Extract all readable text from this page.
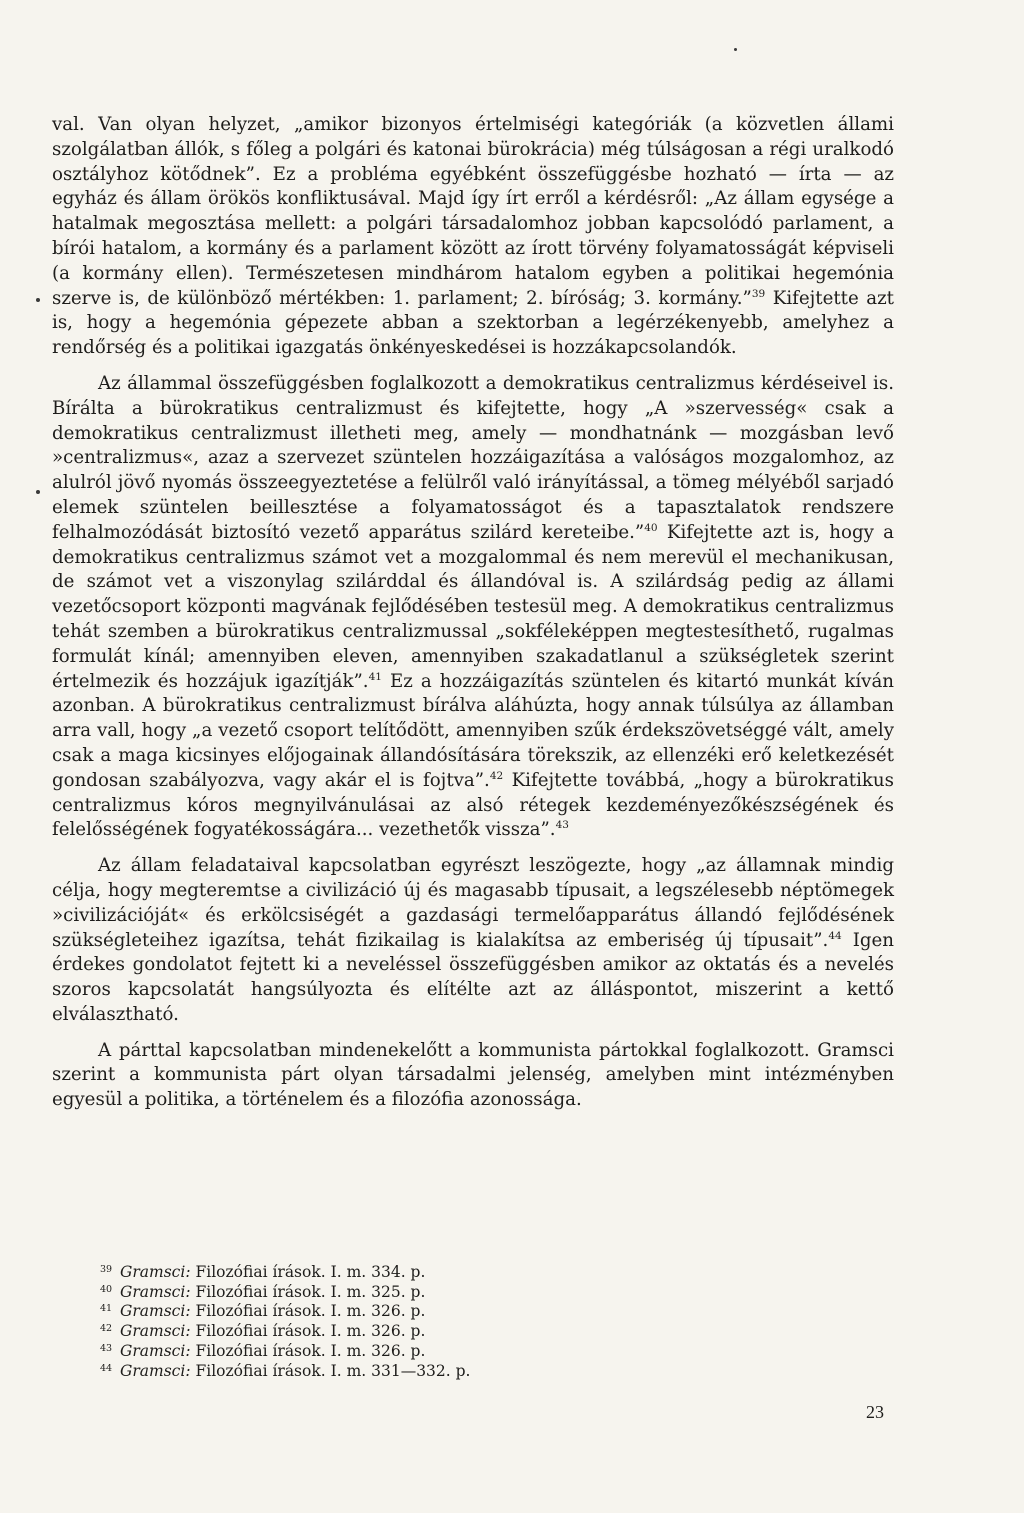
val. Van olyan helyzet, „amikor bizonyos értelmiségi kategóriák (a közvetlen állami szolgálatban állók, s főleg a polgári és katonai bürokrácia) még túlságosan a régi uralkodó osztályhoz kötődnek”. Ez a probléma egyébként összefüggésbe hozható — írta — az egyház és állam örökös konfliktusával. Majd így írt erről a kérdésről: „Az állam egysége a hatalmak megosztása mellett: a polgári társadalomhoz jobban kapcsolódó parlament, a bírói hatalom, a kormány és a parlament között az írott törvény folyamatosságát képviseli (a kormány ellen). Természetesen mindhárom hatalom egyben a politikai hegemónia szerve is, de különböző mértékben: 1. parlament; 2. bíróság; 3. kormány.”$^{39}$ Kifejtette azt is, hogy a hegemónia gépezete abban a szektorban a legérzékenyebb, amelyhez a rendőrség és a politikai igazgatás önkényeskedései is hozzákapcsolandók.

Az állammal összefüggésben foglalkozott a demokratikus centralizmus kérdéseivel is. Bírálta a bürokratikus centralizmust és kifejtette, hogy „A »szervesség« csak a demokratikus centralizmust illetheti meg, amely — mondhatnánk — mozgásban levő »centralizmus«, azaz a szervezet szüntelen hozzáigazítása a valóságos mozgalomhoz, az alulról jövő nyomás összeegyeztetése a felülről való irányítással, a tömeg mélyéből sarjadó elemek szüntelen beillesztése a folyamatosságot és a tapasztalatok rendszere felhalmozódását biztosító vezető apparátus szilárd kereteibe.”$^{40}$ Kifejtette azt is, hogy a demokratikus centralizmus számot vet a mozgalommal és nem merevül el mechanikusan, de számot vet a viszonylag szilárddal és állandóval is. A szilárdság pedig az állami vezetőcsoport központi magvának fejlődésében testesül meg. A demokratikus centralizmus tehát szemben a bürokratikus centralizmussal „sokféleképpen megtestesíthető, rugalmas formulát kínál; amennyiben eleven, amennyiben szakadatlanul a szükségletek szerint értelmezik és hozzájuk igazítják”.$^{41}$ Ez a hozzáigazítás szüntelen és kitartó munkát kíván azonban. A bürokratikus centralizmust bírálva aláhúzta, hogy annak túlsúlya az államban arra vall, hogy „a vezető csoport telítődött, amennyiben szűk érdekszövetséggé vált, amely csak a maga kicsinyes előjogainak állandósítására törekszik, az ellenzéki erő keletkezését gondosan szabályozva, vagy akár el is fojtva”.$^{42}$ Kifejtette továbbá, „hogy a bürokratikus centralizmus kóros megnyilvánulásai az alsó rétegek kezdeményezőkészségének és felelősségének fogyatékosságára... vezethetők vissza”.$^{43}$

Az állam feladataival kapcsolatban egyrészt leszögezte, hogy „az államnak mindig célja, hogy megteremtse a civilizáció új és magasabb típusait, a legszélesebb néptömegek »civilizációját« és erkölcsiségét a gazdasági termelőapparátus állandó fejlődésének szükségleteihez igazítsa, tehát fizikailag is kialakítsa az emberiség új típusait”.$^{44}$ Igen érdekes gondolatot fejtett ki a neveléssel összefüggésben amikor az oktatás és a nevelés szoros kapcsolatát hangsúlyozta és elítélte azt az álláspontot, miszerint a kettő elválasztható.

A párttal kapcsolatban mindenekelőtt a kommunista pártokkal foglalkozott. Gramsci szerint a kommunista párt olyan társadalmi jelenség, amelyben mint intézményben egyesül a politika, a történelem és a filozófia azonossága.

39 Gramsci: Filozófiai írások. I. m. 334. p.
40 Gramsci: Filozófiai írások. I. m. 325. p.
41 Gramsci: Filozófiai írások. I. m. 326. p.
42 Gramsci: Filozófiai írások. I. m. 326. p.
43 Gramsci: Filozófiai írások. I. m. 326. p.
44 Gramsci: Filozófiai írások. I. m. 331—332. p.
23
